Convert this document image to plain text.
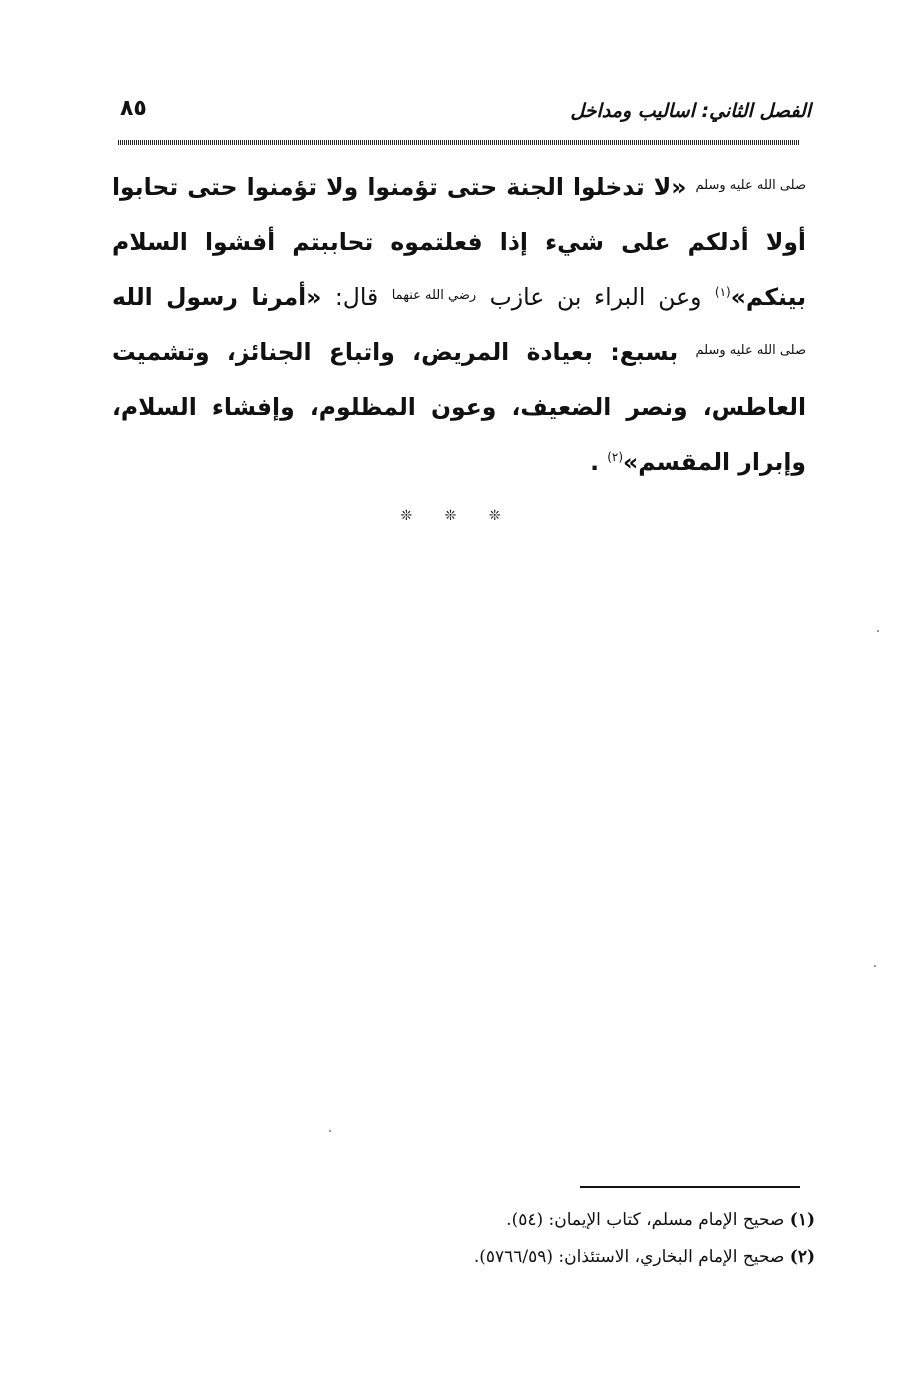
الفصل الثاني: اساليب ومداخل
٨٥
صلى الله عليه وسلم «لا تدخلوا الجنة حتى تؤمنوا ولا تؤمنوا حتى تحابوا أولا أدلكم على شيء إذا فعلتموه تحاببتم أفشوا السلام بينكم»$^{(١)}$ وعن البراء بن عازب رضي الله عنهما قال: «أمرنا رسول الله صلى الله عليه وسلم بسبع: بعيادة المريض، واتباع الجنائز، وتشميت العاطس، ونصر الضعيف، وعون المظلوم، وإفشاء السلام، وإبرار المقسم»$^{(٢)}$ .
❊ ❊ ❊
(١) صحيح الإمام مسلم، كتاب الإيمان: (٥٤).
(٢) صحيح الإمام البخاري، الاستئذان: (٥٧٦٦/٥٩).
